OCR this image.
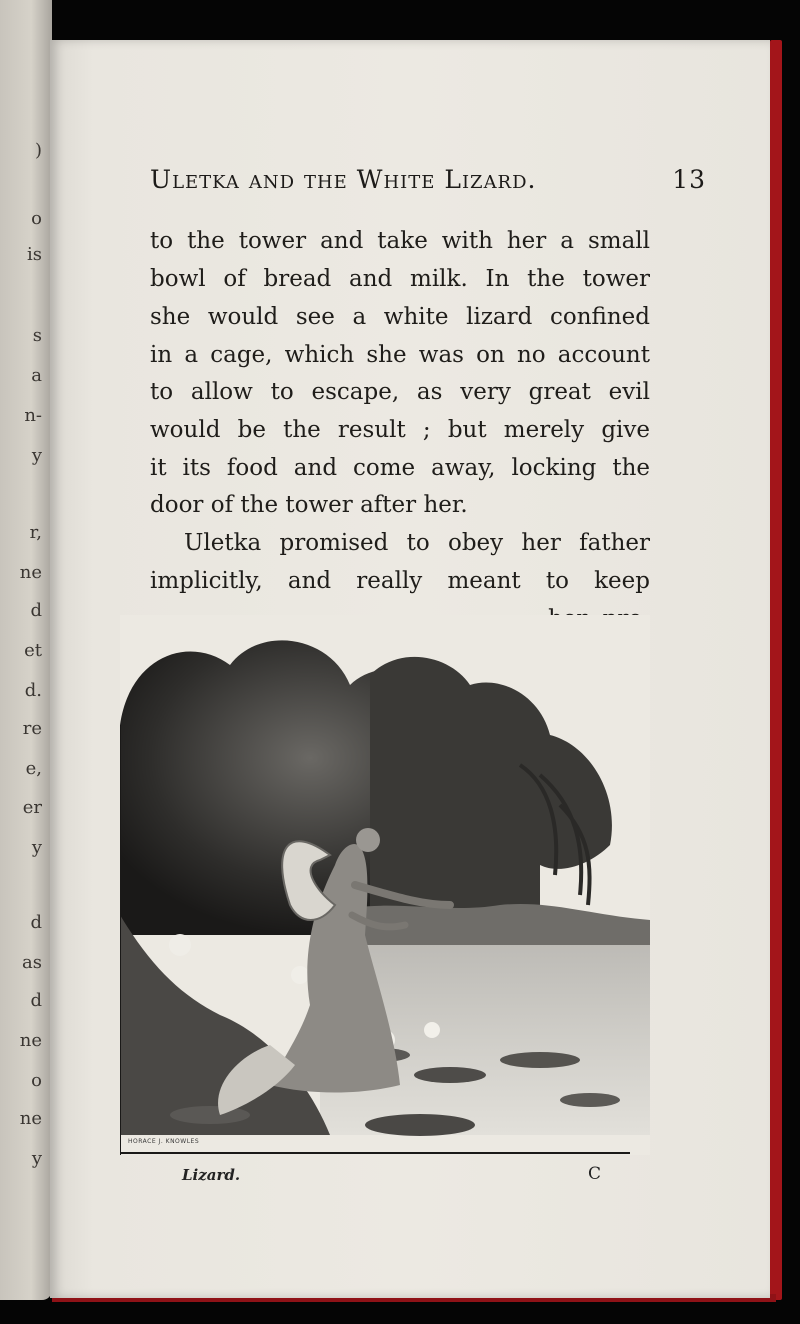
)
o
is
s
a
n-
y
r,
ne
d
et
d.
re
e,
er
y
d
as
d
ne
o
ne
y
Uletka and the White Lizard.	13
to the tower and take with her a small
bowl of bread and milk. In the tower
she would see a white lizard confined
in a cage, which she was on no account
to allow to escape, as very great evil
would be the result ; but merely give
it its food and come away, locking the
door of the tower after her.
Uletka promised to obey her father
implicitly, and really meant to keep
HORACE J. KNOWLES
Lizard.	C
